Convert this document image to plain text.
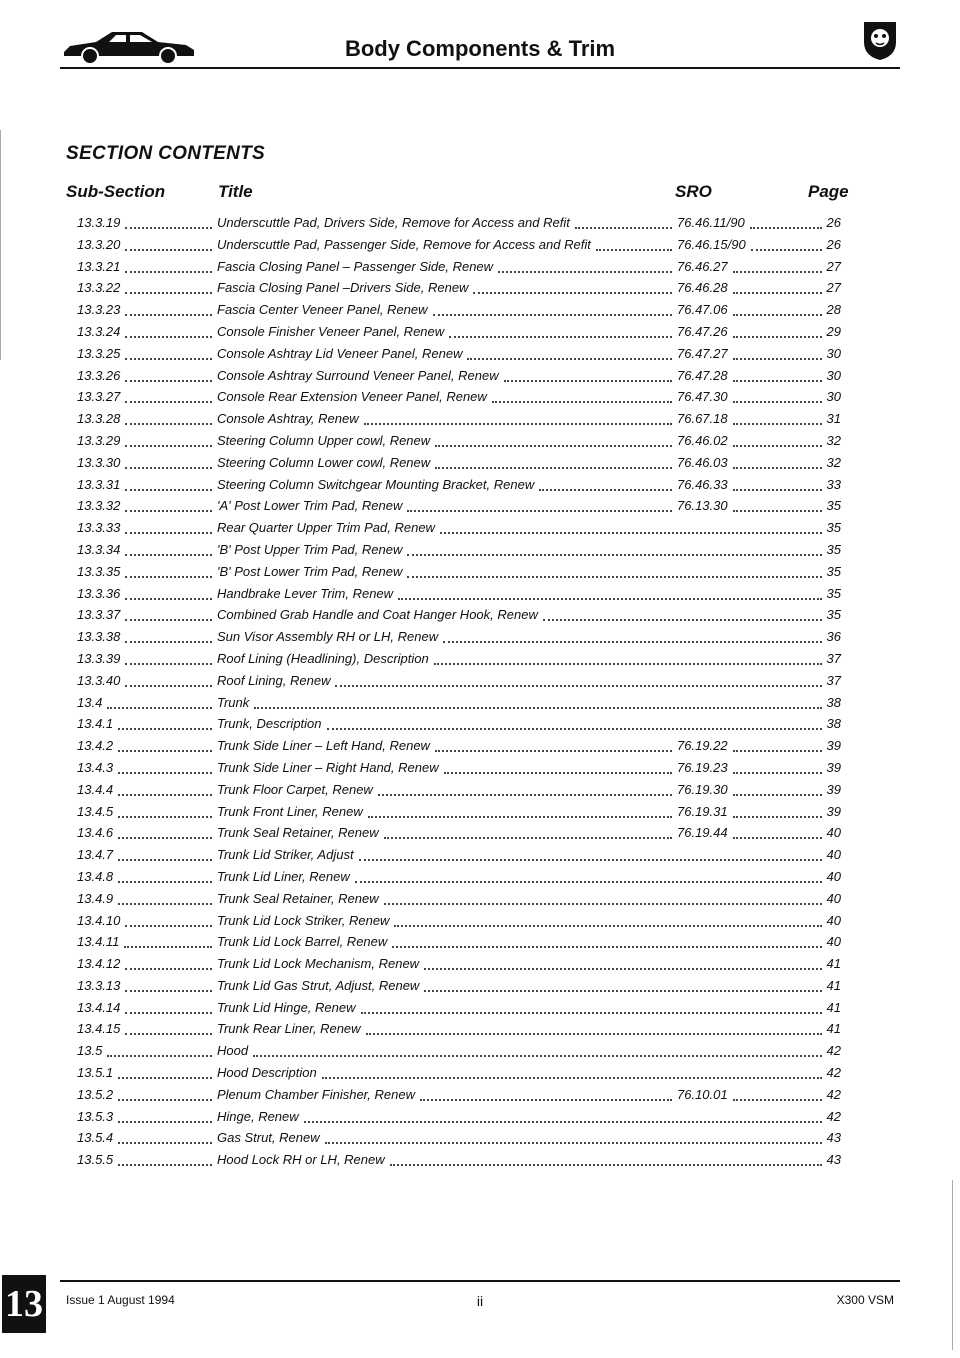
Body Components & Trim
SECTION CONTENTS
Sub-Section	Title	SRO	Page
13.3.19	Underscuttle Pad, Drivers Side, Remove for Access and Refit	76.46.11/90	26
13.3.20	Underscuttle Pad, Passenger Side, Remove for Access and Refit	76.46.15/90	26
13.3.21	Fascia Closing Panel – Passenger Side, Renew	76.46.27	27
13.3.22	Fascia Closing Panel –Drivers Side, Renew	76.46.28	27
13.3.23	Fascia Center Veneer Panel, Renew	76.47.06	28
13.3.24	Console Finisher Veneer Panel, Renew	76.47.26	29
13.3.25	Console Ashtray Lid Veneer Panel, Renew	76.47.27	30
13.3.26	Console Ashtray Surround Veneer Panel, Renew	76.47.28	30
13.3.27	Console Rear Extension Veneer Panel, Renew	76.47.30	30
13.3.28	Console Ashtray, Renew	76.67.18	31
13.3.29	Steering Column Upper cowl, Renew	76.46.02	32
13.3.30	Steering Column Lower cowl, Renew	76.46.03	32
13.3.31	Steering Column Switchgear Mounting Bracket, Renew	76.46.33	33
13.3.32	'A' Post Lower Trim Pad, Renew	76.13.30	35
13.3.33	Rear Quarter Upper Trim Pad, Renew	35
13.3.34	'B' Post Upper Trim Pad, Renew	35
13.3.35	'B' Post Lower Trim Pad, Renew	35
13.3.36	Handbrake Lever Trim, Renew	35
13.3.37	Combined Grab Handle and Coat Hanger Hook, Renew	35
13.3.38	Sun Visor Assembly RH or LH, Renew	36
13.3.39	Roof Lining (Headlining), Description	37
13.3.40	Roof Lining, Renew	37
13.4	Trunk	38
13.4.1	Trunk, Description	38
13.4.2	Trunk Side Liner – Left Hand, Renew	76.19.22	39
13.4.3	Trunk Side Liner – Right Hand, Renew	76.19.23	39
13.4.4	Trunk Floor Carpet, Renew	76.19.30	39
13.4.5	Trunk Front Liner, Renew	76.19.31	39
13.4.6	Trunk Seal Retainer, Renew	76.19.44	40
13.4.7	Trunk Lid Striker, Adjust	40
13.4.8	Trunk Lid Liner, Renew	40
13.4.9	Trunk Seal Retainer, Renew	40
13.4.10	Trunk Lid Lock Striker, Renew	40
13.4.11	Trunk Lid Lock Barrel, Renew	40
13.4.12	Trunk Lid Lock Mechanism, Renew	41
13.3.13	Trunk Lid Gas Strut, Adjust, Renew	41
13.4.14	Trunk Lid Hinge, Renew	41
13.4.15	Trunk Rear Liner, Renew	41
13.5	Hood	42
13.5.1	Hood Description	42
13.5.2	Plenum Chamber Finisher, Renew	76.10.01	42
13.5.3	Hinge, Renew	42
13.5.4	Gas Strut, Renew	43
13.5.5	Hood Lock RH or LH, Renew	43
13 Issue 1 August 1994	ii	X300 VSM
